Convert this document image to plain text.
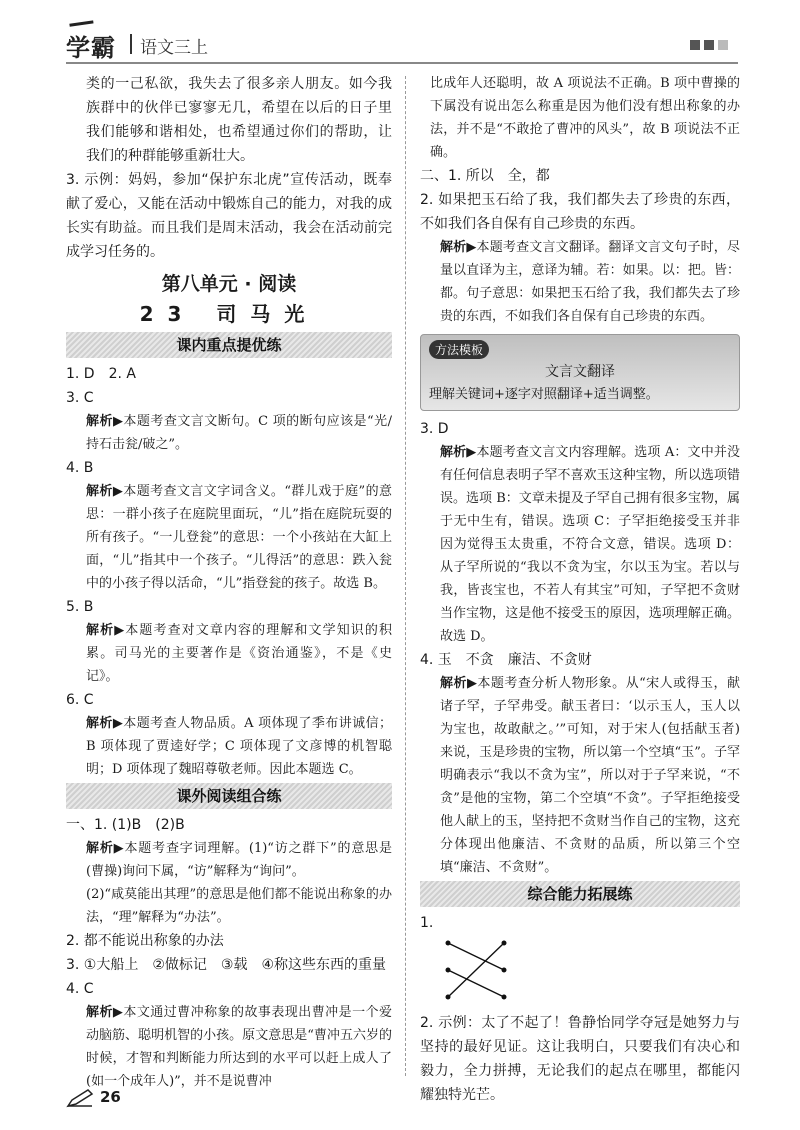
学霸 语文三上

类的一己私欲，我失去了很多亲人朋友。如今我族群中的伙伴已寥寥无几，希望在以后的日子里我们能够和谐相处，也希望通过你们的帮助，让我们的种群能够重新壮大。

3. 示例：妈妈，参加“保护东北虎”宣传活动，既奉献了爱心，又能在活动中锻炼自己的能力，对我的成长实有助益。而且我们是周末活动，我会在活动前完成学习任务的。

第八单元 · 阅读
23 司马光
课内重点提优练

1. D　2. A

3. C

解析▶本题考查文言文断句。C 项的断句应该是“光/持石击瓮/破之”。

4. B

解析▶本题考查文言文字词含义。“群儿戏于庭”的意思：一群小孩子在庭院里面玩，“儿”指在庭院玩耍的所有孩子。“一儿登瓮”的意思：一个小孩站在大缸上面，“儿”指其中一个孩子。“儿得活”的意思：跌入瓮中的小孩子得以活命，“儿”指登瓮的孩子。故选 B。

5. B

解析▶本题考查对文章内容的理解和文学知识的积累。司马光的主要著作是《资治通鉴》，不是《史记》。

6. C

解析▶本题考查人物品质。A 项体现了季布讲诚信；B 项体现了贾逵好学；C 项体现了文彦博的机智聪明；D 项体现了魏昭尊敬老师。因此本题选 C。

课外阅读组合练

一、1. (1)B　(2)B

解析▶本题考查字词理解。(1)“访之群下”的意思是(曹操)询问下属，“访”解释为“询问”。

(2)“咸莫能出其理”的意思是他们都不能说出称象的办法，“理”解释为“办法”。

2. 都不能说出称象的办法

3. ①大船上　②做标记　③载　④称这些东西的重量

4. C

解析▶本文通过曹冲称象的故事表现出曹冲是一个爱动脑筋、聪明机智的小孩。原文意思是“曹冲五六岁的时候，才智和判断能力所达到的水平可以赶上成人了(如一个成年人)”，并不是说曹冲

比成年人还聪明，故 A 项说法不正确。B 项中曹操的下属没有说出怎么称重是因为他们没有想出称象的办法，并不是“不敢抢了曹冲的风头”，故 B 项说法不正确。

二、1. 所以　全，都

2. 如果把玉石给了我，我们都失去了珍贵的东西，不如我们各自保有自己珍贵的东西。

解析▶本题考查文言文翻译。翻译文言文句子时，尽量以直译为主，意译为辅。若：如果。以：把。皆：都。句子意思：如果把玉石给了我，我们都失去了珍贵的东西，不如我们各自保有自己珍贵的东西。

方法模板
文言文翻译
理解关键词+逐字对照翻译+适当调整。

3. D

解析▶本题考查文言文内容理解。选项 A：文中并没有任何信息表明子罕不喜欢玉这种宝物，所以选项错误。选项 B：文章未提及子罕自己拥有很多宝物，属于无中生有，错误。选项 C：子罕拒绝接受玉并非因为觉得玉太贵重，不符合文意，错误。选项 D：从子罕所说的“我以不贪为宝，尔以玉为宝。若以与我，皆丧宝也，不若人有其宝”可知，子罕把不贪财当作宝物，这是他不接受玉的原因，选项理解正确。故选 D。

4. 玉　不贪　廉洁、不贪财

解析▶本题考查分析人物形象。从“宋人或得玉，献诸子罕，子罕弗受。献玉者曰：‘以示玉人，玉人以为宝也，故敢献之。’”可知，对于宋人(包括献玉者)来说，玉是珍贵的宝物，所以第一个空填“玉”。子罕明确表示“我以不贪为宝”，所以对于子罕来说，“不贪”是他的宝物，第二个空填“不贪”。子罕拒绝接受他人献上的玉，坚持把不贪财当作自己的宝物，这充分体现出他廉洁、不贪财的品质，所以第三个空填“廉洁、不贪财”。

综合能力拓展练

1.

2. 示例：太了不起了！鲁静怡同学夺冠是她努力与坚持的最好见证。这让我明白，只要我们有决心和毅力，全力拼搏，无论我们的起点在哪里，都能闪耀独特光芒。

26
